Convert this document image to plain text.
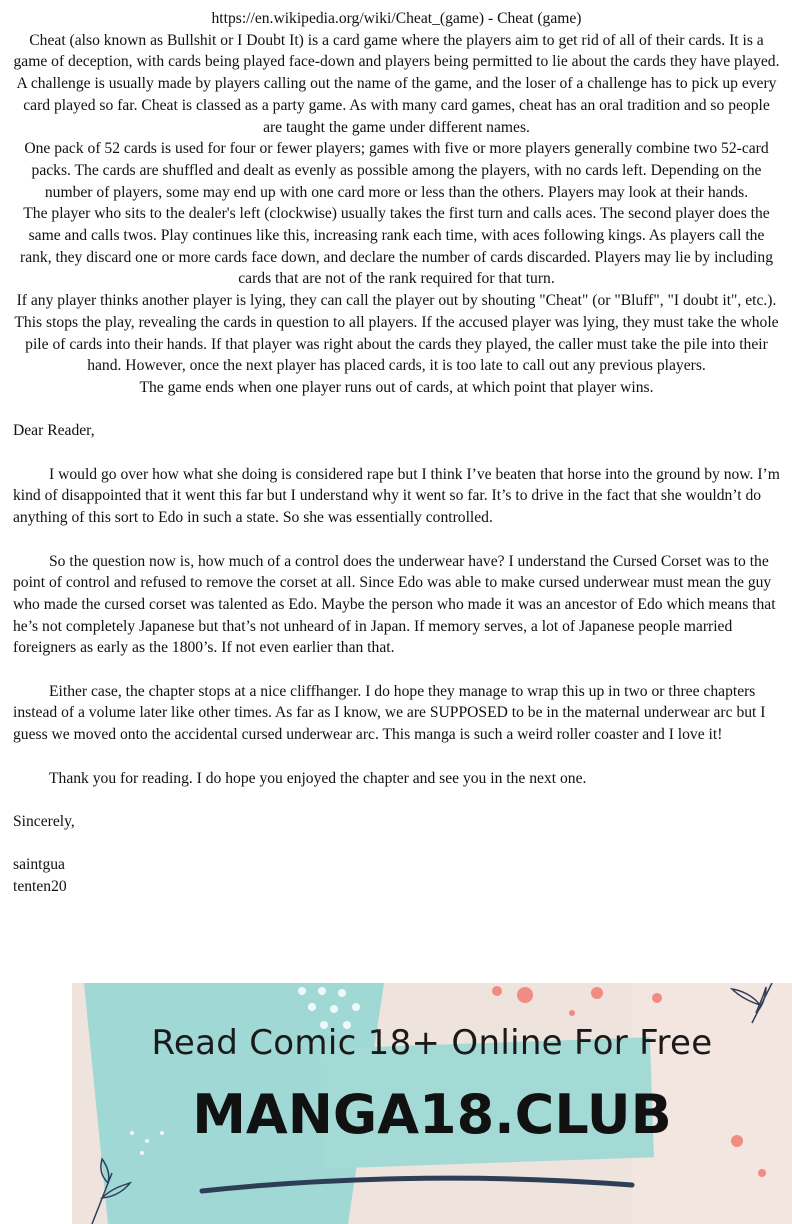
https://en.wikipedia.org/wiki/Cheat_(game) - Cheat (game)
Cheat (also known as Bullshit or I Doubt It) is a card game where the players aim to get rid of all of their cards. It is a game of deception, with cards being played face-down and players being permitted to lie about the cards they have played. A challenge is usually made by players calling out the name of the game, and the loser of a challenge has to pick up every card played so far. Cheat is classed as a party game. As with many card games, cheat has an oral tradition and so people are taught the game under different names.
One pack of 52 cards is used for four or fewer players; games with five or more players generally combine two 52-card packs. The cards are shuffled and dealt as evenly as possible among the players, with no cards left. Depending on the number of players, some may end up with one card more or less than the others. Players may look at their hands.
The player who sits to the dealer's left (clockwise) usually takes the first turn and calls aces. The second player does the same and calls twos. Play continues like this, increasing rank each time, with aces following kings. As players call the rank, they discard one or more cards face down, and declare the number of cards discarded. Players may lie by including cards that are not of the rank required for that turn.
If any player thinks another player is lying, they can call the player out by shouting "Cheat" (or "Bluff", "I doubt it", etc.). This stops the play, revealing the cards in question to all players. If the accused player was lying, they must take the whole pile of cards into their hands. If that player was right about the cards they played, the caller must take the pile into their hand. However, once the next player has placed cards, it is too late to call out any previous players.
The game ends when one player runs out of cards, at which point that player wins.

Dear Reader,

I would go over how what she doing is considered rape but I think I’ve beaten that horse into the ground by now. I’m kind of disappointed that it went this far but I understand why it went so far. It’s to drive in the fact that she wouldn’t do anything of this sort to Edo in such a state. So she was essentially controlled.

So the question now is, how much of a control does the underwear have? I understand the Cursed Corset was to the point of control and refused to remove the corset at all. Since Edo was able to make cursed underwear must mean the guy who made the cursed corset was talented as Edo. Maybe the person who made it was an ancestor of Edo which means that he’s not completely Japanese but that’s not unheard of in Japan. If memory serves, a lot of Japanese people married foreigners as early as the 1800’s. If not even earlier than that.

Either case, the chapter stops at a nice cliffhanger. I do hope they manage to wrap this up in two or three chapters instead of a volume later like other times. As far as I know, we are SUPPOSED to be in the maternal underwear arc but I guess we moved onto the accidental cursed underwear arc. This manga is such a weird roller coaster and I love it!

Thank you for reading. I do hope you enjoyed the chapter and see you in the next one.

Sincerely,

saintgua

tenten20

Read Comic 18+ Online For Free
MANGA18.CLUB
